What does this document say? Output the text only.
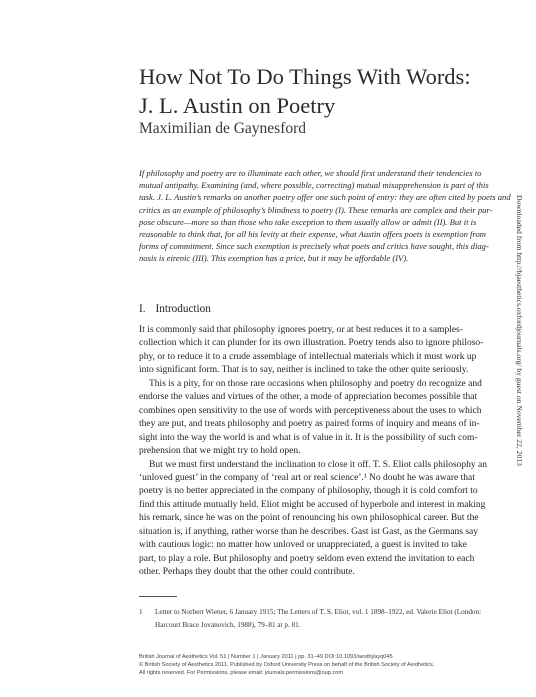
How Not To Do Things With Words:
J. L. Austin on Poetry
Maximilian de Gaynesford
If philosophy and poetry are to illuminate each other, we should first understand their tendencies to
mutual antipathy. Examining (and, where possible, correcting) mutual misapprehension is part of this
task. J. L. Austin’s remarks on another poetry offer one such point of entry: they are often cited by poets and
critics as an example of philosophy’s blindness to poetry (I). These remarks are complex and their pur-
pose obscure—more so than those who take exception to them usually allow or admit (II). But it is
reasonable to think that, for all his levity at their expense, what Austin offers poets is exemption from
forms of commitment. Since such exemption is precisely what poets and critics have sought, this diag-
nosis is eirenic (III). This exemption has a price, but it may be affordable (IV).	Downloaded from http://bjaesthetics.oxfordjournals.org/ by guest on November 22, 2013
I. Introduction
It is commonly said that philosophy ignores poetry, or at best reduces it to a samples-
collection which it can plunder for its own illustration. Poetry tends also to ignore philoso-
phy, or to reduce it to a crude assemblage of intellectual materials which it must work up
into significant form. That is to say, neither is inclined to take the other quite seriously.
This is a pity, for on those rare occasions when philosophy and poetry do recognize and
endorse the values and virtues of the other, a mode of appreciation becomes possible that
combines open sensitivity to the use of words with perceptiveness about the uses to which
they are put, and treats philosophy and poetry as paired forms of inquiry and means of in-
sight into the way the world is and what is of value in it. It is the possibility of such com-
prehension that we might try to hold open.
But we must first understand the inclination to close it off. T. S. Eliot calls philosophy an
‘unloved guest’ in the company of ‘real art or real science’.¹ No doubt he was aware that
poetry is no better appreciated in the company of philosophy, though it is cold comfort to
find this attitude mutually held. Eliot might be accused of hyperbole and interest in making
his remark, since he was on the point of renouncing his own philosophical career. But the
situation is, if anything, rather worse than he describes. Gast ist Gast, as the Germans say
with cautious logic: no matter how unloved or unappreciated, a guest is invited to take
part, to play a role. But philosophy and poetry seldom even extend the invitation to each
other. Perhaps they doubt that the other could contribute.
1 Letter to Norbert Wiener, 6 January 1915; The Letters of T. S. Eliot, vol. 1 1898–1922, ed. Valerie Eliot (London:
Harcourt Brace Jovanovich, 1988), 79–81 at p. 81.
British Journal of Aesthetics Vol. 51 | Number 1 | January 2011 | pp. 31–49 DOI:10.1093/aesthj/ayq045
© British Society of Aesthetics 2011. Published by Oxford University Press on behalf of the British Society of Aesthetics.
All rights reserved. For Permissions, please email: journals.permissions@oup.com
